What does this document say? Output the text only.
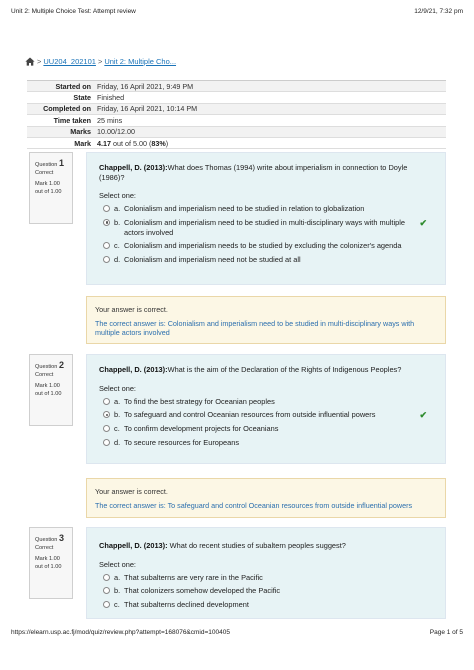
Unit 2: Multiple Choice Test: Attempt review	12/9/21, 7:32 pm
> UU204_202101 > Unit 2: Multiple Cho...
Started on Friday, 16 April 2021, 9:49 PM
State Finished
Completed on Friday, 16 April 2021, 10:14 PM
Time taken 25 mins
Marks 10.00/12.00
Mark 4.17 out of 5.00 (83%)
Question 1
Correct
Mark 1.00
out of 1.00
Chappell, D. (2013):What does Thomas (1994) write about imperialism in connection to Doyle (1986)?
Select one:
a. Colonialism and imperialism need to be studied in relation to globalization
b. Colonialism and imperialism need to be studied in multi-disciplinary ways with multiple actors involved
✔
c. Colonialism and imperialism needs to be studied by excluding the colonizer's agenda
d. Colonialism and imperialism need not be studied at all
Your answer is correct.
The correct answer is: Colonialism and imperialism need to be studied in multi-disciplinary ways with multiple actors involved
Question 2
Correct
Mark 1.00
out of 1.00
Chappell, D. (2013):What is the aim of the Declaration of the Rights of Indigenous Peoples?
Select one:
a. To find the best strategy for Oceanian peoples
b. To safeguard and control Oceanian resources from outside influential powers	✔
c. To confirm development projects for Oceanians
d. To secure resources for Europeans
Your answer is correct.
The correct answer is: To safeguard and control Oceanian resources from outside influential powers
Question 3
Correct
Mark 1.00
out of 1.00
Chappell, D. (2013): What do recent studies of subaltern peoples suggest?
Select one:
a. That subalterns are very rare in the Pacific
b. That colonizers somehow developed the Pacific
c. That subalterns declined development
https://elearn.usp.ac.fj/mod/quiz/review.php?attempt=168076&cmid=100405	Page 1 of 5
